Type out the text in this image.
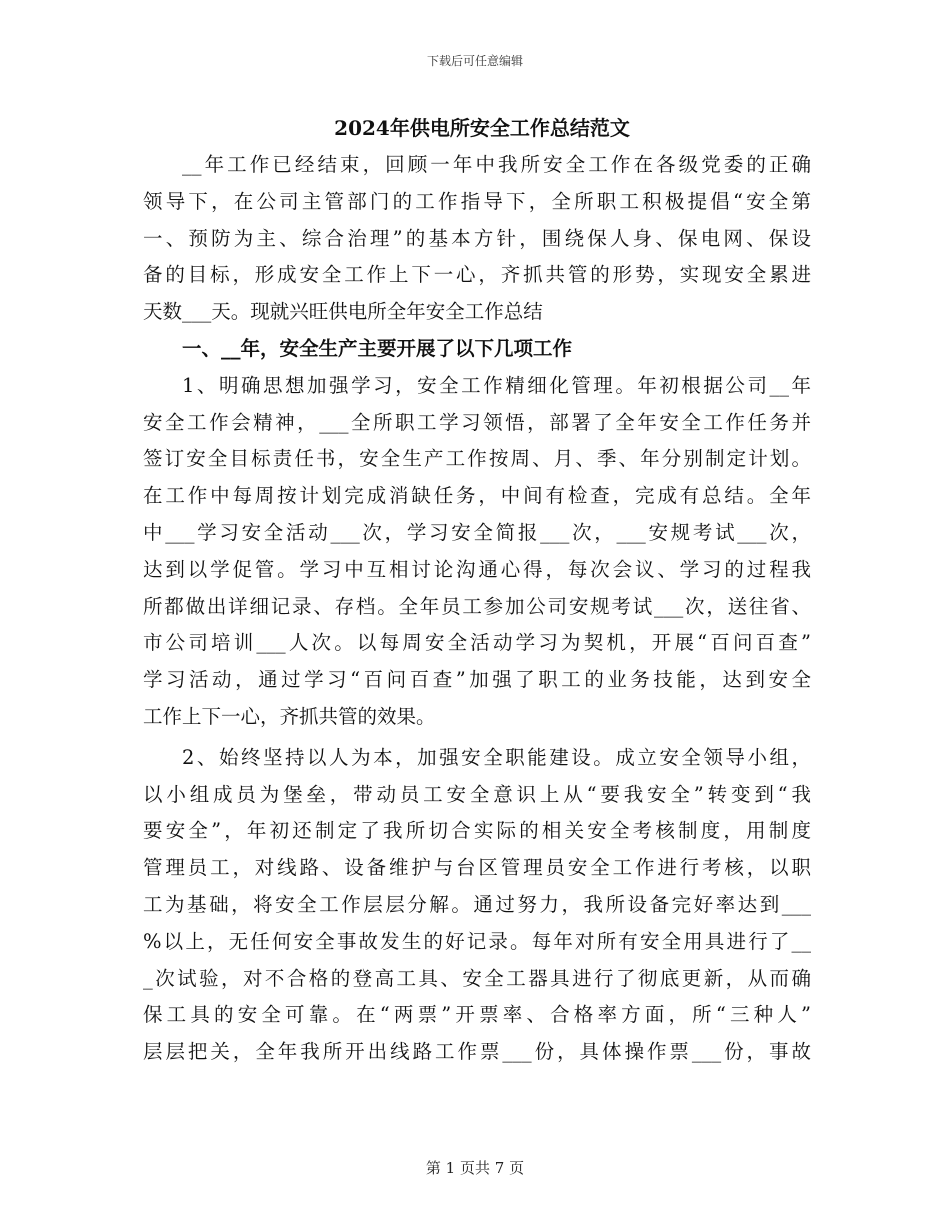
下载后可任意编辑
2024年供电所安全工作总结范文
__年工作已经结束，回顾一年中我所安全工作在各级党委的正确
领导下，在公司主管部门的工作指导下，全所职工积极提倡“安全第
一、预防为主、综合治理”的基本方针，围绕保人身、保电网、保设
备的目标，形成安全工作上下一心，齐抓共管的形势，实现安全累进
天数___天。现就兴旺供电所全年安全工作总结
一、__年，安全生产主要开展了以下几项工作
1、明确思想加强学习，安全工作精细化管理。年初根据公司__年
安全工作会精神，___全所职工学习领悟，部署了全年安全工作任务并
签订安全目标责任书，安全生产工作按周、月、季、年分别制定计划。
在工作中每周按计划完成消缺任务，中间有检查，完成有总结。全年
中___学习安全活动___次，学习安全简报___次，___安规考试___次，
达到以学促管。学习中互相讨论沟通心得，每次会议、学习的过程我
所都做出详细记录、存档。全年员工参加公司安规考试___次，送往省、
市公司培训___人次。以每周安全活动学习为契机，开展“百问百查”
学习活动，通过学习“百问百查”加强了职工的业务技能，达到安全
工作上下一心，齐抓共管的效果。
2、始终坚持以人为本，加强安全职能建设。成立安全领导小组，
以小组成员为堡垒，带动员工安全意识上从“要我安全”转变到“我
要安全”，年初还制定了我所切合实际的相关安全考核制度，用制度
管理员工，对线路、设备维护与台区管理员安全工作进行考核，以职
工为基础，将安全工作层层分解。通过努力，我所设备完好率达到___
%以上，无任何安全事故发生的好记录。每年对所有安全用具进行了__
_次试验，对不合格的登高工具、安全工器具进行了彻底更新，从而确
保工具的安全可靠。在“两票”开票率、合格率方面，所“三种人”
层层把关，全年我所开出线路工作票___份，具体操作票___份，事故
第 1 页共 7 页
